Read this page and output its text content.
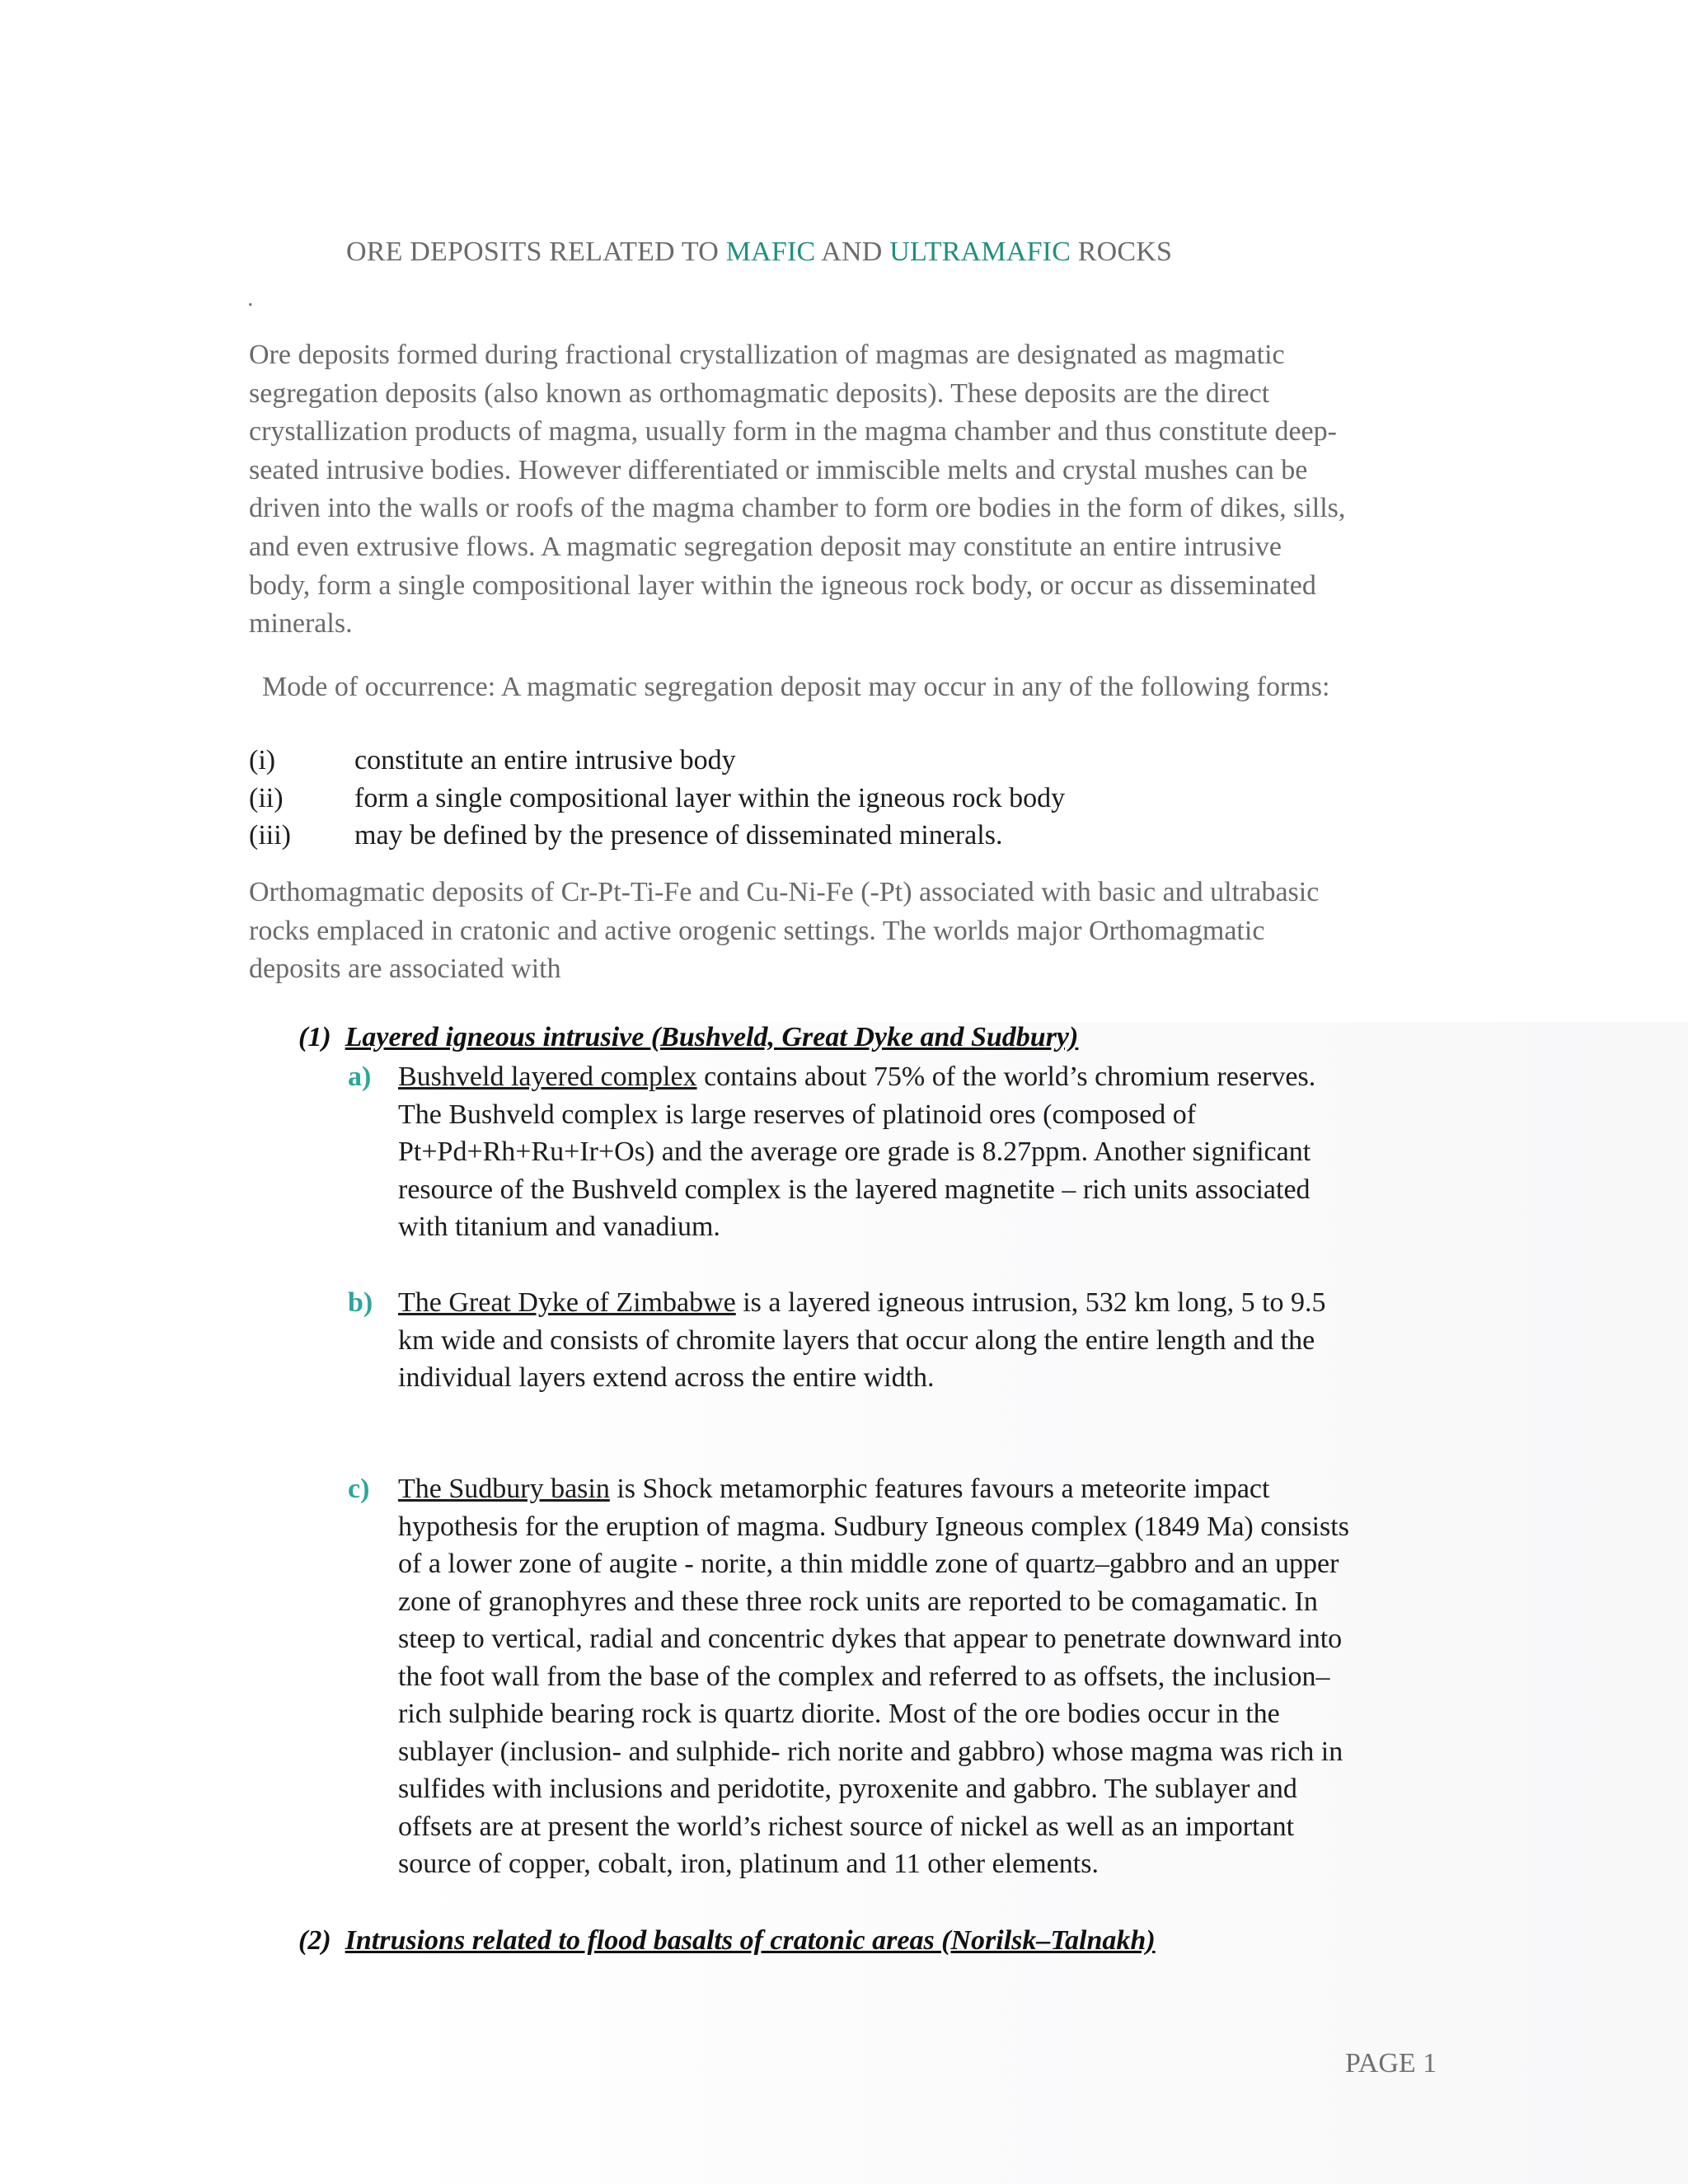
ORE DEPOSITS RELATED TO MAFIC AND ULTRAMAFIC ROCKS
.
Ore deposits formed during fractional crystallization of magmas are designated as magmatic
segregation deposits (also known as orthomagmatic deposits). These deposits are the direct
crystallization products of magma, usually form in the magma chamber and thus constitute deep-
seated intrusive bodies. However differentiated or immiscible melts and crystal mushes can be
driven into the walls or roofs of the magma chamber to form ore bodies in the form of dikes, sills,
and even extrusive flows. A magmatic segregation deposit may constitute an entire intrusive
body, form a single compositional layer within the igneous rock body, or occur as disseminated
minerals.
Mode of occurrence: A magmatic segregation deposit may occur in any of the following forms:
(i)	constitute an entire intrusive body
(ii)	form a single compositional layer within the igneous rock body
(iii)	may be defined by the presence of disseminated minerals.
Orthomagmatic deposits of Cr-Pt-Ti-Fe and Cu-Ni-Fe (-Pt) associated with basic and ultrabasic
rocks emplaced in cratonic and active orogenic settings. The worlds major Orthomagmatic
deposits are associated with
(1) Layered igneous intrusive (Bushveld, Great Dyke and Sudbury)
a) Bushveld layered complex contains about 75% of the world’s chromium reserves.
The Bushveld complex is large reserves of platinoid ores (composed of
Pt+Pd+Rh+Ru+Ir+Os) and the average ore grade is 8.27ppm. Another significant
resource of the Bushveld complex is the layered magnetite – rich units associated
with titanium and vanadium.
b) The Great Dyke of Zimbabwe is a layered igneous intrusion, 532 km long, 5 to 9.5
km wide and consists of chromite layers that occur along the entire length and the
individual layers extend across the entire width.
c) The Sudbury basin is Shock metamorphic features favours a meteorite impact
hypothesis for the eruption of magma. Sudbury Igneous complex (1849 Ma) consists
of a lower zone of augite - norite, a thin middle zone of quartz–gabbro and an upper
zone of granophyres and these three rock units are reported to be comagamatic. In
steep to vertical, radial and concentric dykes that appear to penetrate downward into
the foot wall from the base of the complex and referred to as offsets, the inclusion–
rich sulphide bearing rock is quartz diorite. Most of the ore bodies occur in the
sublayer (inclusion- and sulphide- rich norite and gabbro) whose magma was rich in
sulfides with inclusions and peridotite, pyroxenite and gabbro. The sublayer and
offsets are at present the world’s richest source of nickel as well as an important
source of copper, cobalt, iron, platinum and 11 other elements.
(2) Intrusions related to flood basalts of cratonic areas (Norilsk–Talnakh)
PAGE 1
